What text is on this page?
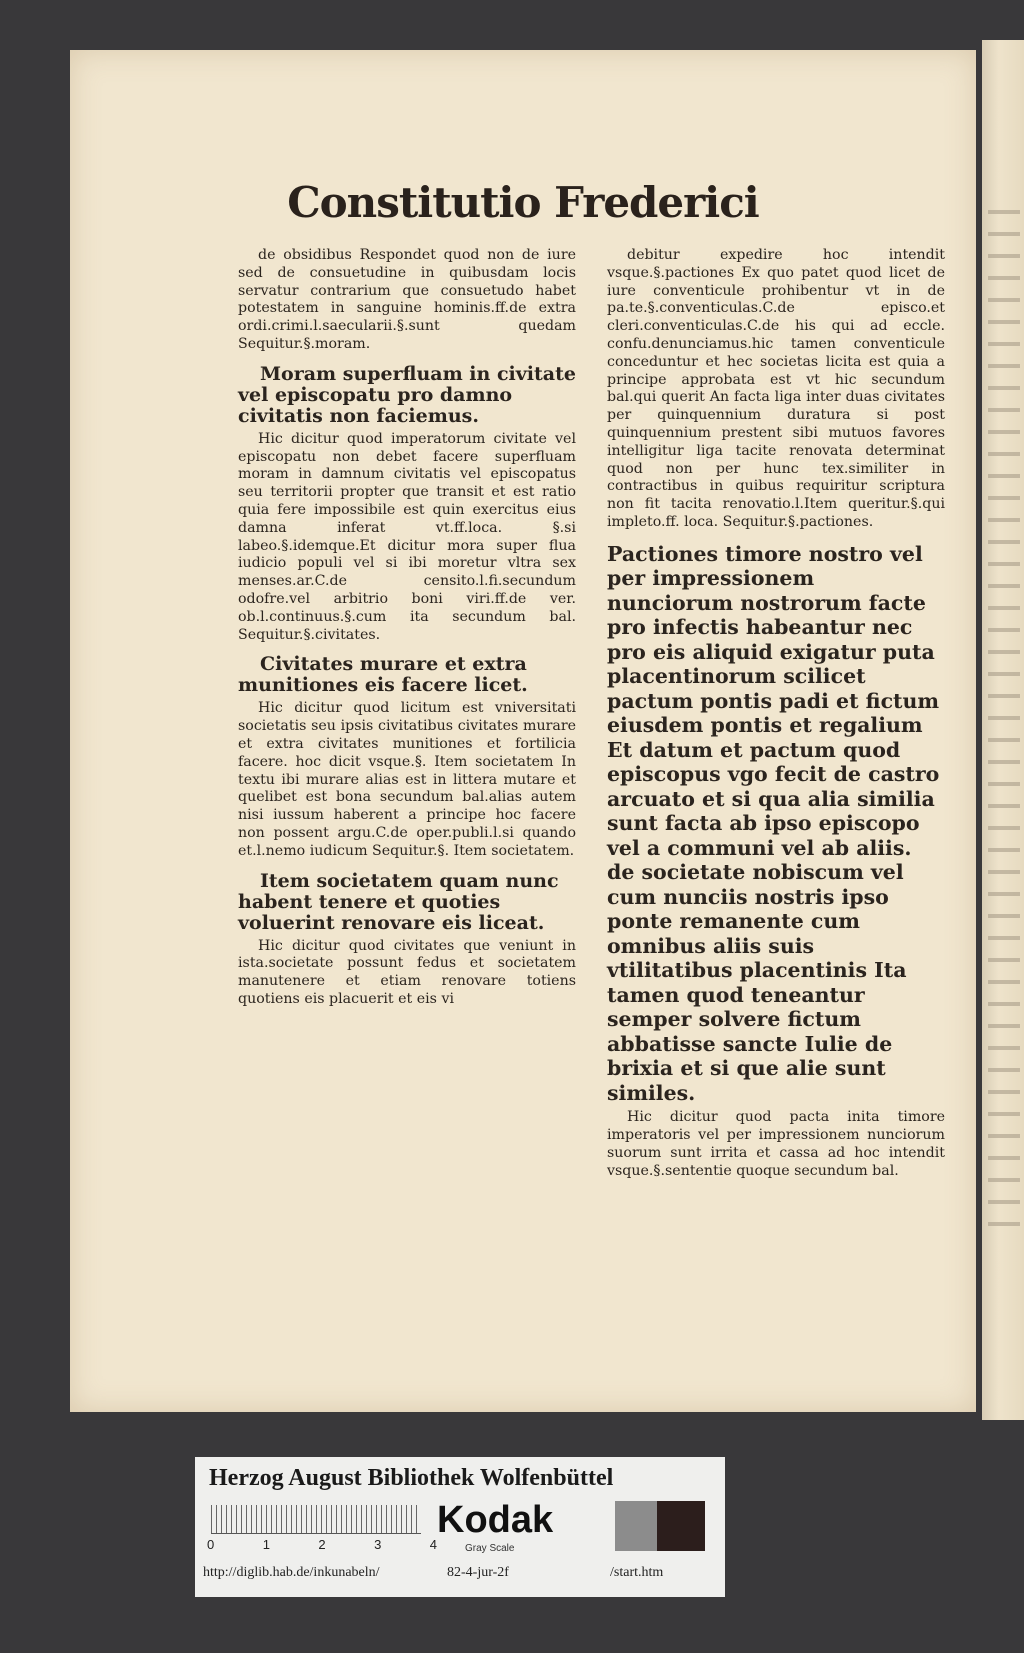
Constitutio Frederici

de obsidibus Respondet quod non de iure sed de consuetudine in quibusdam locis servatur contrarium que consuetudo habet potestatem in sanguine hominis.ff.de extra ordi.crimi.l.saecularii.§.sunt quedam Sequitur.§.moram.

Moram superfluam in civitate vel episcopatu pro damno civitatis non faciemus.

Hic dicitur quod imperatorum civitate vel episcopatu non debet facere superfluam moram in damnum civitatis vel episcopatus seu territorii propter que transit et est ratio quia fere impossibile est quin exercitus eius damna inferat vt.ff.loca. §.si labeo.§.idemque.Et dicitur mora super flua iudicio populi vel si ibi moretur vltra sex menses.ar.C.de censito.l.fi.secundum odofre.vel arbitrio boni viri.ff.de ver. ob.l.continuus.§.cum ita secundum bal. Sequitur.§.civitates.

Civitates murare et extra munitiones eis facere licet.

Hic dicitur quod licitum est vniversitati societatis seu ipsis civitatibus civitates murare et extra civitates munitiones et fortilicia facere. hoc dicit vsque.§. Item societatem In textu ibi murare alias est in littera mutare et quelibet est bona secundum bal.alias autem nisi iussum haberent a principe hoc facere non possent argu.C.de oper.publi.l.si quando et.l.nemo iudicum Sequitur.§. Item societatem.

Item societatem quam nunc habent tenere et quoties voluerint renovare eis liceat.

Hic dicitur quod civitates que veniunt in ista.societate possunt fedus et societatem manutenere et etiam renovare totiens quotiens eis placuerit et eis vi

debitur expedire hoc intendit vsque.§.pactiones Ex quo patet quod licet de iure conventicule prohibentur vt in de pa.te.§.conventiculas.C.de episco.et cleri.conventiculas.C.de his qui ad eccle. confu.denunciamus.hic tamen conventicule conceduntur et hec societas licita est quia a principe approbata est vt hic secundum bal.qui querit An facta liga inter duas civitates per quinquennium duratura si post quinquennium prestent sibi mutuos favores intelligitur liga tacite renovata determinat quod non per hunc tex.similiter in contractibus in quibus requiritur scriptura non fit tacita renovatio.l.Item queritur.§.qui impleto.ff. loca. Sequitur.§.pactiones.

Pactiones timore nostro vel per impressionem nunciorum nostrorum facte pro infectis habeantur nec pro eis aliquid exigatur puta placentinorum scilicet pactum pontis padi et fictum eiusdem pontis et regalium Et datum et pactum quod episcopus vgo fecit de castro arcuato et si qua alia similia sunt facta ab ipso episcopo vel a communi vel ab aliis. de societate nobiscum vel cum nunciis nostris ipso ponte remanente cum omnibus aliis suis vtilitatibus placentinis Ita tamen quod teneantur semper solvere fictum abbatisse sancte Iulie de brixia et si que alie sunt similes.

Hic dicitur quod pacta inita timore imperatoris vel per impressionem nunciorum suorum sunt irrita et cassa ad hoc intendit vsque.§.sententie quoque secundum bal.

Herzog August Bibliothek Wolfenbüttel
0	1	2	3	4
Kodak
Gray Scale
http://diglib.hab.de/inkunabeln/	82-4-jur-2f	/start.htm
